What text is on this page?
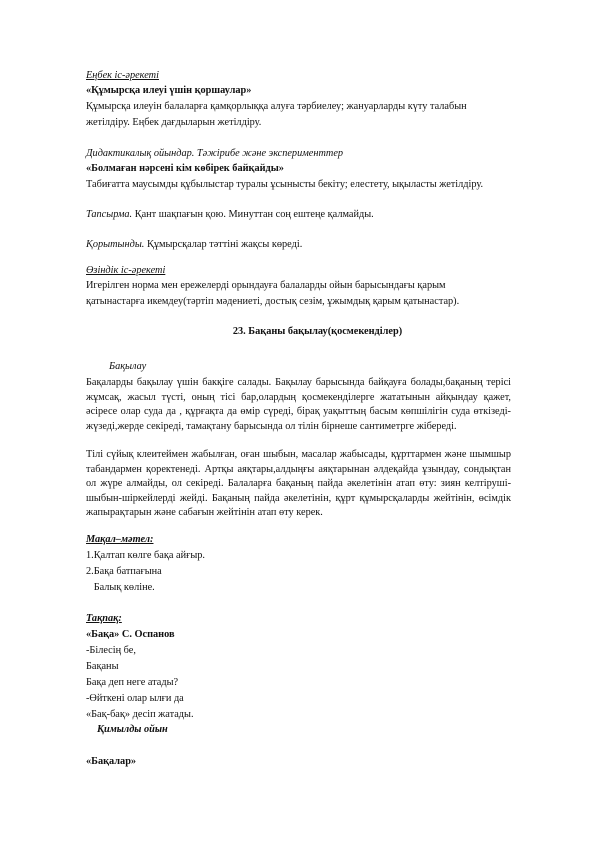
Еңбек іс-әрекеті
«Құмырсқа илеуі үшін қоршаулар»
Құмырсқа илеуін балаларға қамқорлыққа алуға тәрбиелеу; жануарларды күту талабын
жетілдіру. Еңбек дағдыларын жетілдіру.
Дидактикалық ойындар. Тәжірибе және эксперименттер
«Болмаған нәрсені кім көбірек байқайды»
Табиғатта маусымды құбылыстар туралы ұсынысты бекіту; елестету, ықыласты жетілдіру.
Тапсырма. Қант шақпағын қою. Минуттан соң ештеңе қалмайды.
Қорытынды. Құмырсқалар тәттіні жақсы көреді.
Өзіндік іс-әрекеті
Игерілген норма мен ережелерді орындауға балаларды ойын барысындағы қарым
қатынастарға икемдеу(тәртіп мәдениеті, достық сезім, ұжымдық қарым қатынастар).
23. Бақаны бақылау(қосмекенділер)
Бақылау
Бақаларды бақылау үшін бакқіге салады. Бақылау барысында байқауға болады,бақаның терісі жұмсақ, жасыл түсті, оның тісі бар,олардың қосмекенділерге жататынын айқындау қажет, әсіресе олар суда да , құрғақта да өмір сүреді, бірақ уақыттың басым көпшілігін суда өткізеді- жүзеді,жерде секіреді, тамақтану барысында ол тілін бірнеше сантиметрге жібереді.
Тілі сүйық клеитеймен жабылған, оған шыбын, масалар жабысады, құрттармен және шымшыр табандармен қоректенеді. Артқы аяқтары,алдыңғы аяқтарынан әлдеқайда ұзындау, сондықтан ол жүре алмайды, ол секіреді. Балаларға бақаның пайда әкелетінін атап өту: зиян келтіруші- шыбын-шіркейлерді жейді. Бақаның пайда әкелетінін, құрт құмырсқаларды жейтінін, өсімдік жапырақтарын және сабағын жейтінін атап өту керек.
Мақал–мәтел:
1.Қалтап көлге бақа айғыр.
2.Бақа батпағына
Балық көліне.
Тақпақ:
«Бақа» С. Оспанов
-Білесің бе,
Бақаны
Бақа деп неге атады?
-Өйткені олар ылғи да
«Бақ-бақ» десіп жатады.
Қимылды ойын
«Бақалар»
